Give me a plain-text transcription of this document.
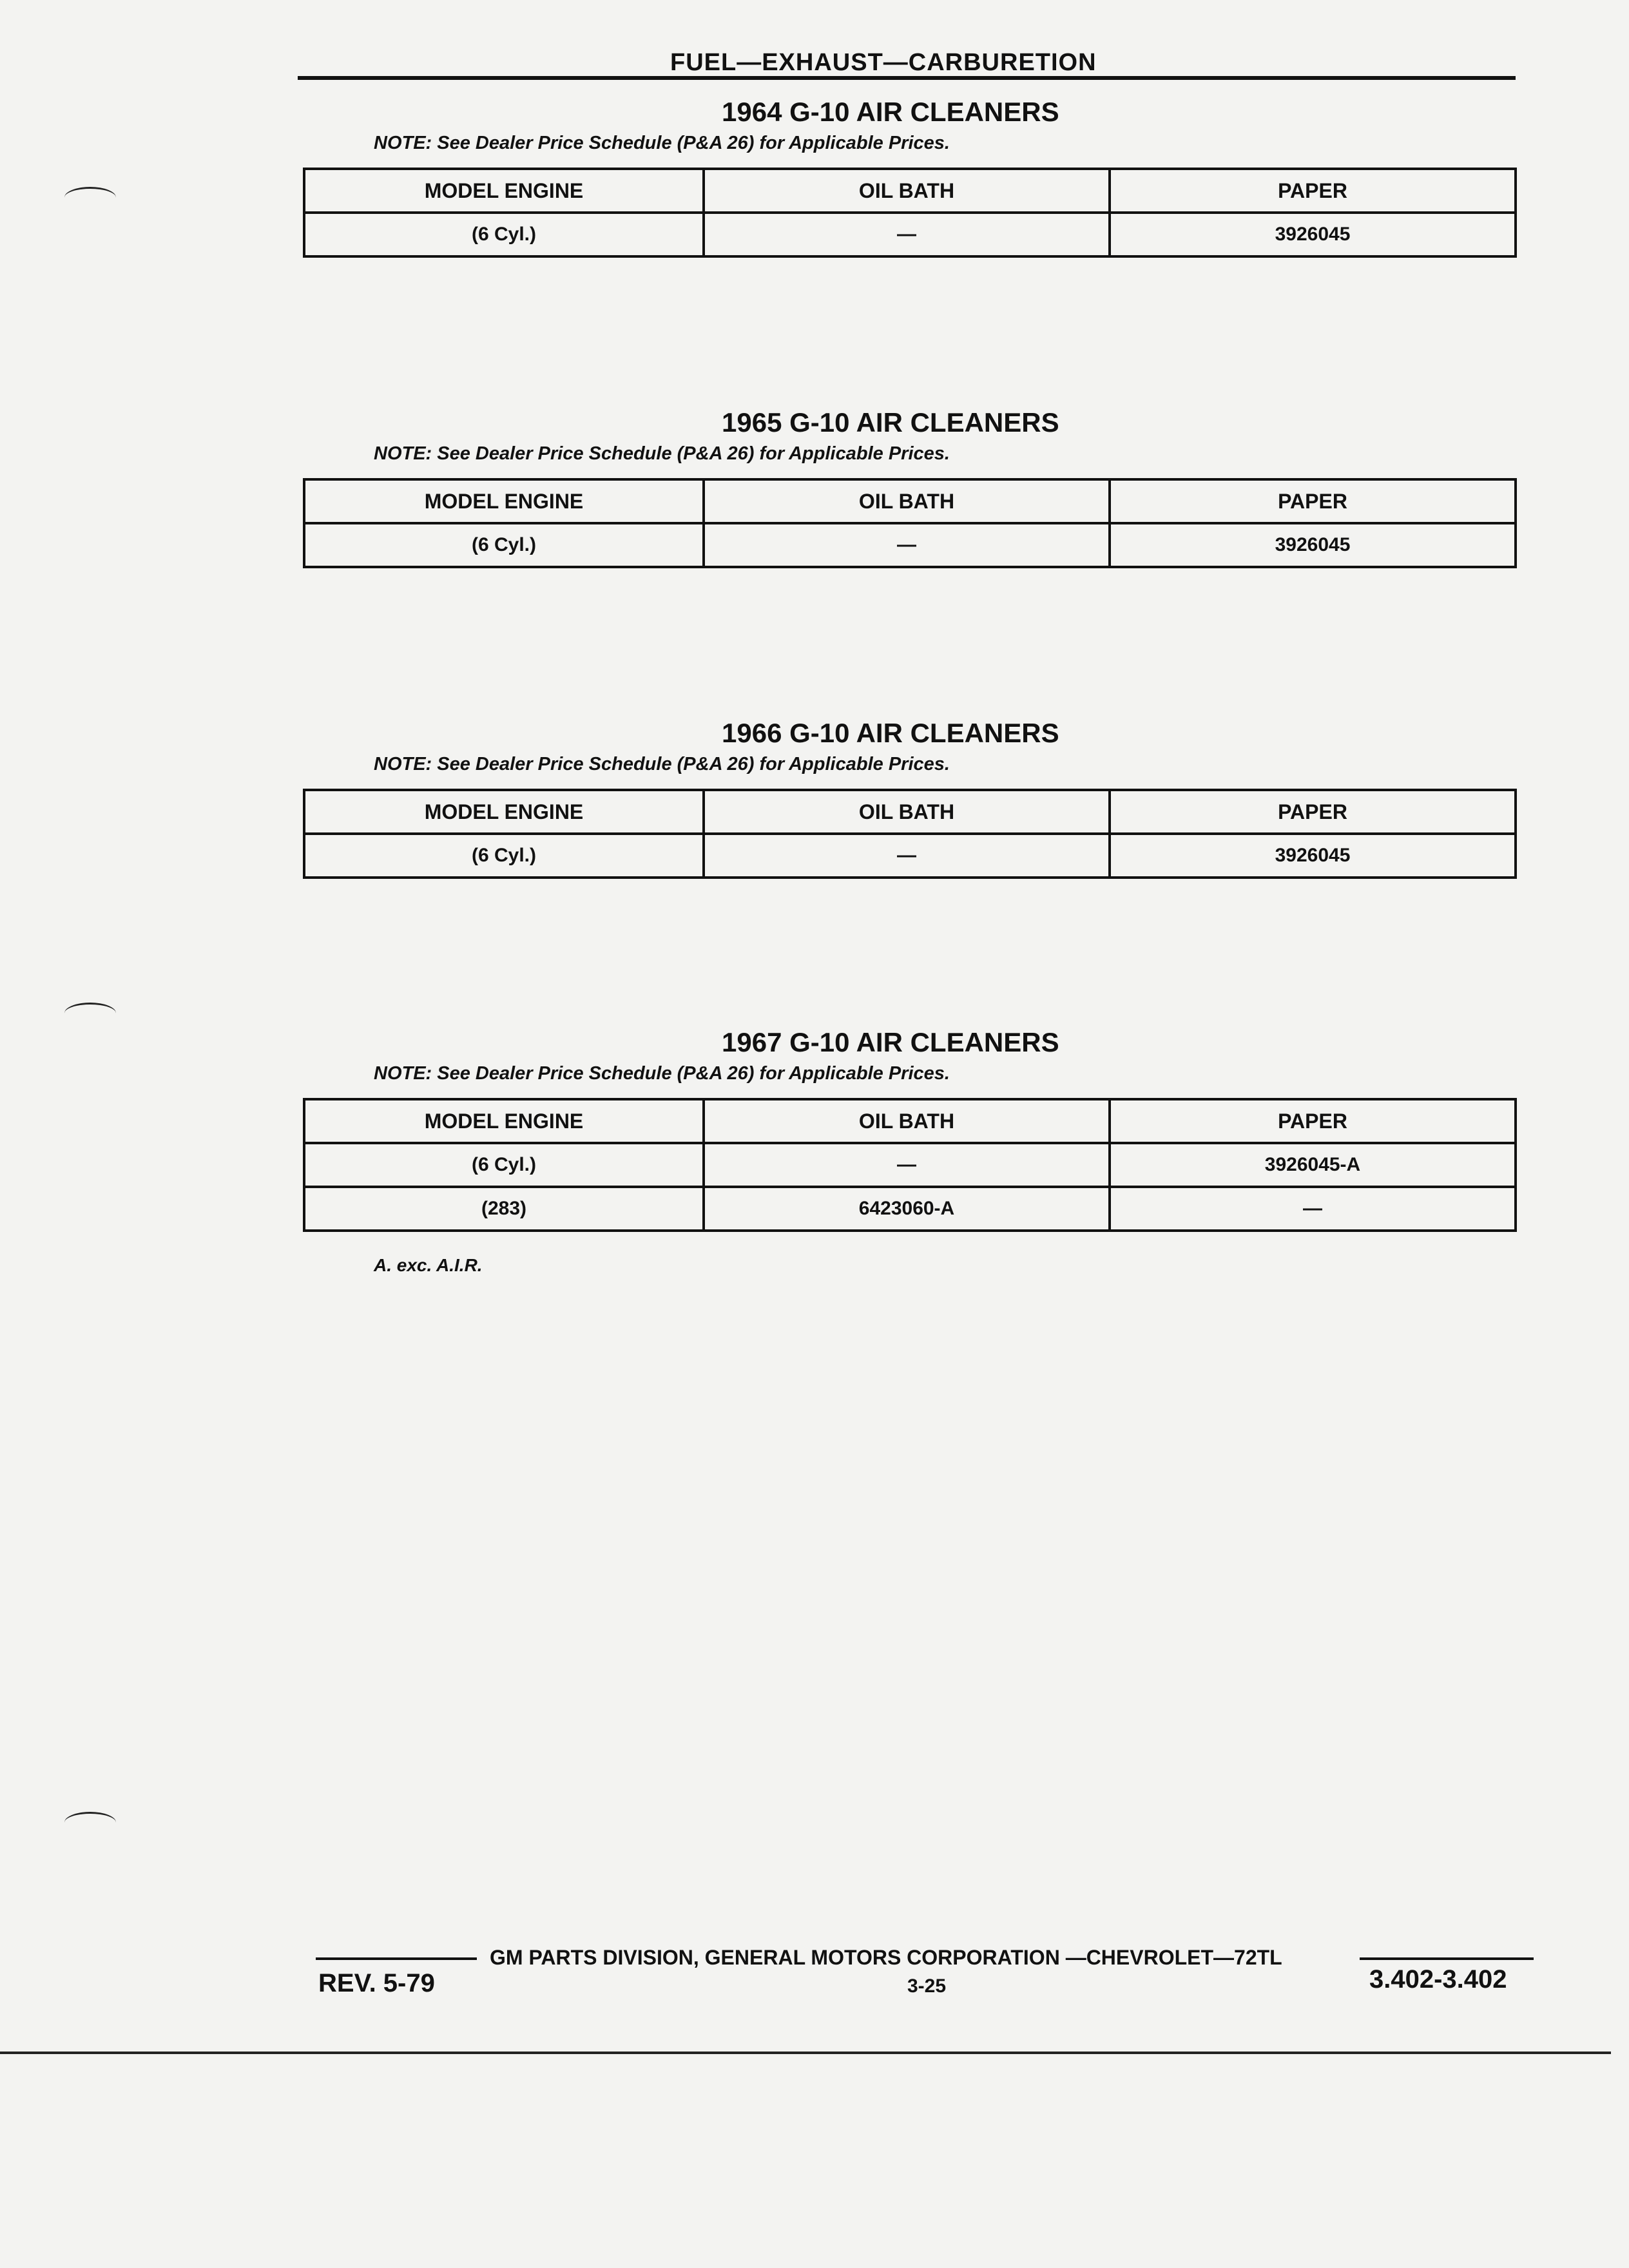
FUEL—EXHAUST—CARBURETION
1964 G-10 AIR CLEANERS
NOTE: See Dealer Price Schedule (P&A 26) for Applicable Prices.
MODEL ENGINE	OIL BATH	PAPER
(6 Cyl.)	—	3926045
1965 G-10 AIR CLEANERS
NOTE: See Dealer Price Schedule (P&A 26) for Applicable Prices.
MODEL ENGINE	OIL BATH	PAPER
(6 Cyl.)	—	3926045
1966 G-10 AIR CLEANERS
NOTE: See Dealer Price Schedule (P&A 26) for Applicable Prices.
MODEL ENGINE	OIL BATH	PAPER
(6 Cyl.)	—	3926045
1967 G-10 AIR CLEANERS
NOTE: See Dealer Price Schedule (P&A 26) for Applicable Prices.
MODEL ENGINE	OIL BATH	PAPER
(6 Cyl.)	—	3926045-A
(283)	6423060-A	—
A. exc. A.I.R.
GM PARTS DIVISION, GENERAL MOTORS CORPORATION —CHEVROLET—72TL
REV. 5-79	3-25	3.402-3.402
